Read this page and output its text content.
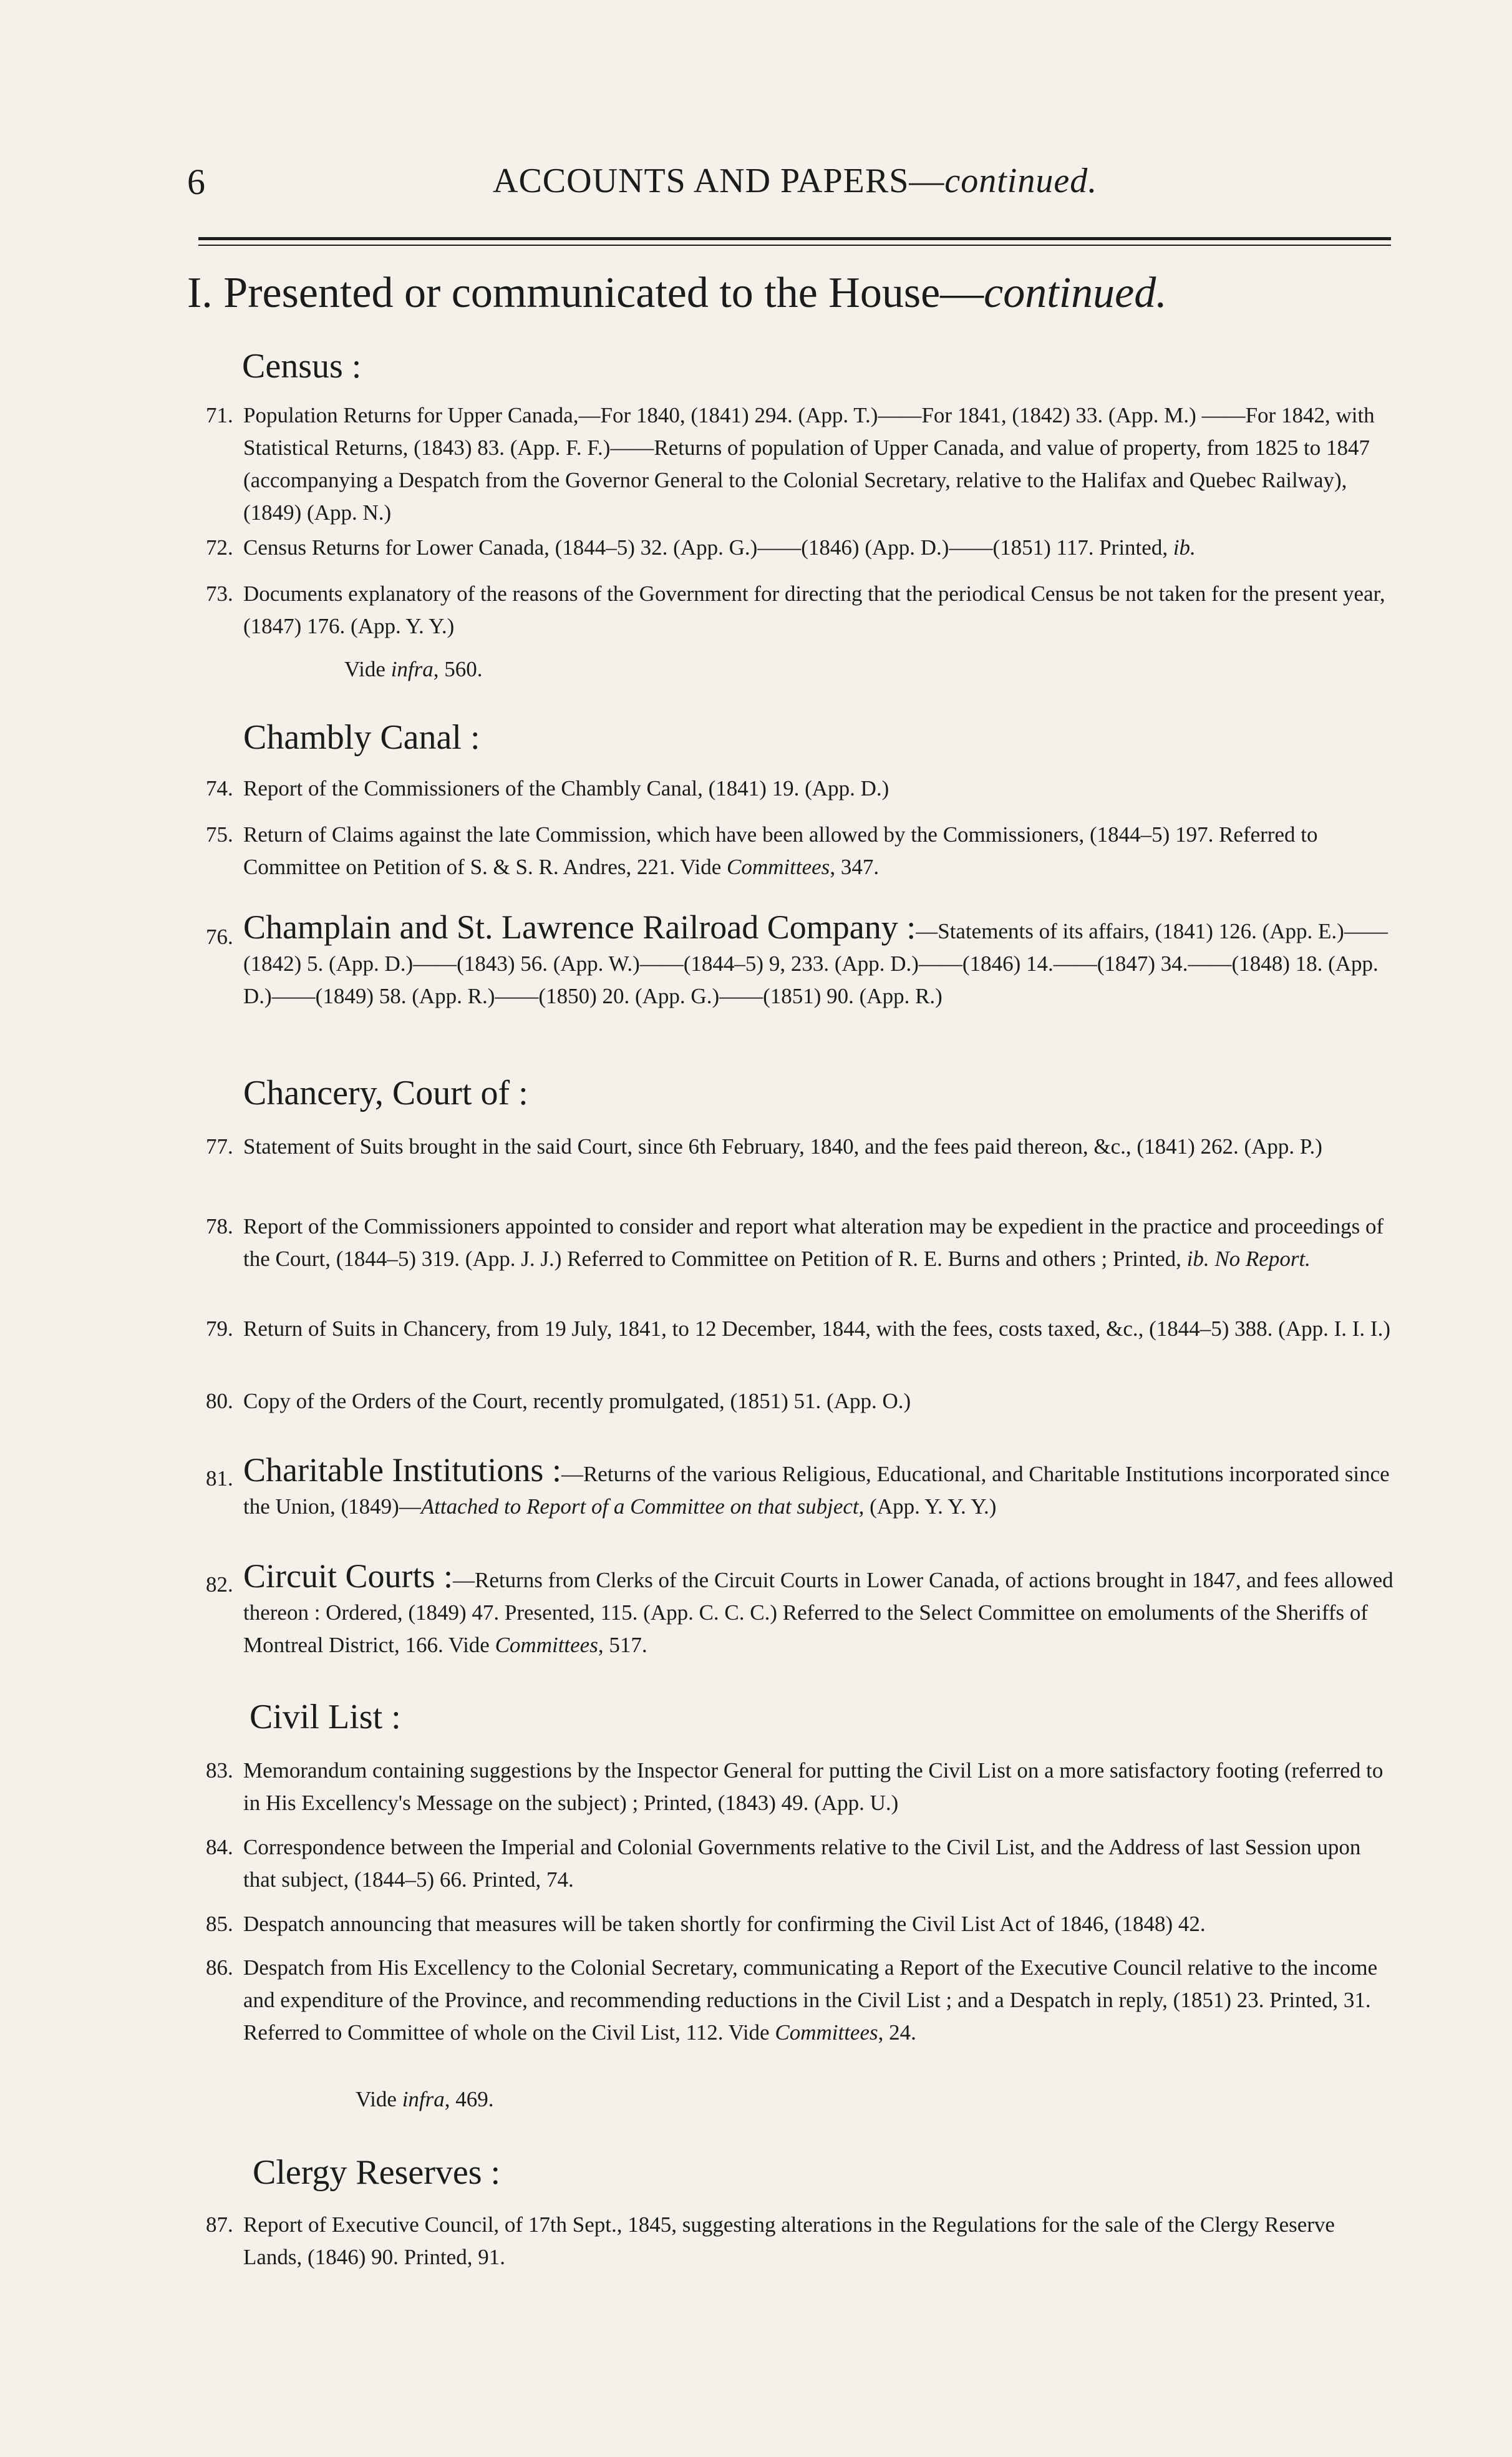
6	ACCOUNTS AND PAPERS—continued.
I. Presented or communicated to the House—continued.
Census :
71. Population Returns for Upper Canada,—For 1840, (1841) 294. (App. T.)——For 1841, (1842) 33. (App. M.) ——For 1842, with Statistical Returns, (1843) 83. (App. F. F.)——Returns of population of Upper Canada, and value of property, from 1825 to 1847 (accompanying a Despatch from the Governor General to the Colonial Secretary, relative to the Halifax and Quebec Railway), (1849) (App. N.)
72. Census Returns for Lower Canada, (1844–5) 32. (App. G.)——(1846) (App. D.)——(1851) 117. Printed, ib.
73. Documents explanatory of the reasons of the Government for directing that the periodical Census be not taken for the present year, (1847) 176. (App. Y. Y.)
Vide infra, 560.
Chambly Canal :
74. Report of the Commissioners of the Chambly Canal, (1841) 19. (App. D.)
75. Return of Claims against the late Commission, which have been allowed by the Commissioners, (1844–5) 197. Referred to Committee on Petition of S. & S. R. Andres, 221. Vide Committees, 347.
76. Champlain and St. Lawrence Railroad Company :—Statements of its affairs, (1841) 126. (App. E.)——(1842) 5. (App. D.)——(1843) 56. (App. W.)——(1844–5) 9, 233. (App. D.)——(1846) 14.——(1847) 34.——(1848) 18. (App. D.)——(1849) 58. (App. R.)——(1850) 20. (App. G.)——(1851) 90. (App. R.)
Chancery, Court of :
77. Statement of Suits brought in the said Court, since 6th February, 1840, and the fees paid thereon, &c., (1841) 262. (App. P.)
78. Report of the Commissioners appointed to consider and report what alteration may be expedient in the practice and proceedings of the Court, (1844–5) 319. (App. J. J.) Referred to Committee on Petition of R. E. Burns and others ; Printed, ib. No Report.
79. Return of Suits in Chancery, from 19 July, 1841, to 12 December, 1844, with the fees, costs taxed, &c., (1844–5) 388. (App. I. I. I.)
80. Copy of the Orders of the Court, recently promulgated, (1851) 51. (App. O.)
81. Charitable Institutions :—Returns of the various Religious, Educational, and Charitable Institutions incorporated since the Union, (1849)—Attached to Report of a Committee on that subject, (App. Y. Y. Y.)
82. Circuit Courts :—Returns from Clerks of the Circuit Courts in Lower Canada, of actions brought in 1847, and fees allowed thereon : Ordered, (1849) 47. Presented, 115. (App. C. C. C.) Referred to the Select Committee on emoluments of the Sheriffs of Montreal District, 166. Vide Committees, 517.
Civil List :
83. Memorandum containing suggestions by the Inspector General for putting the Civil List on a more satisfactory footing (referred to in His Excellency's Message on the subject) ; Printed, (1843) 49. (App. U.)
84. Correspondence between the Imperial and Colonial Governments relative to the Civil List, and the Address of last Session upon that subject, (1844–5) 66. Printed, 74.
85. Despatch announcing that measures will be taken shortly for confirming the Civil List Act of 1846, (1848) 42.
86. Despatch from His Excellency to the Colonial Secretary, communicating a Report of the Executive Council relative to the income and expenditure of the Province, and recommending reductions in the Civil List ; and a Despatch in reply, (1851) 23. Printed, 31. Referred to Committee of whole on the Civil List, 112. Vide Committees, 24.
Vide infra, 469.
Clergy Reserves :
87. Report of Executive Council, of 17th Sept., 1845, suggesting alterations in the Regulations for the sale of the Clergy Reserve Lands, (1846) 90. Printed, 91.
